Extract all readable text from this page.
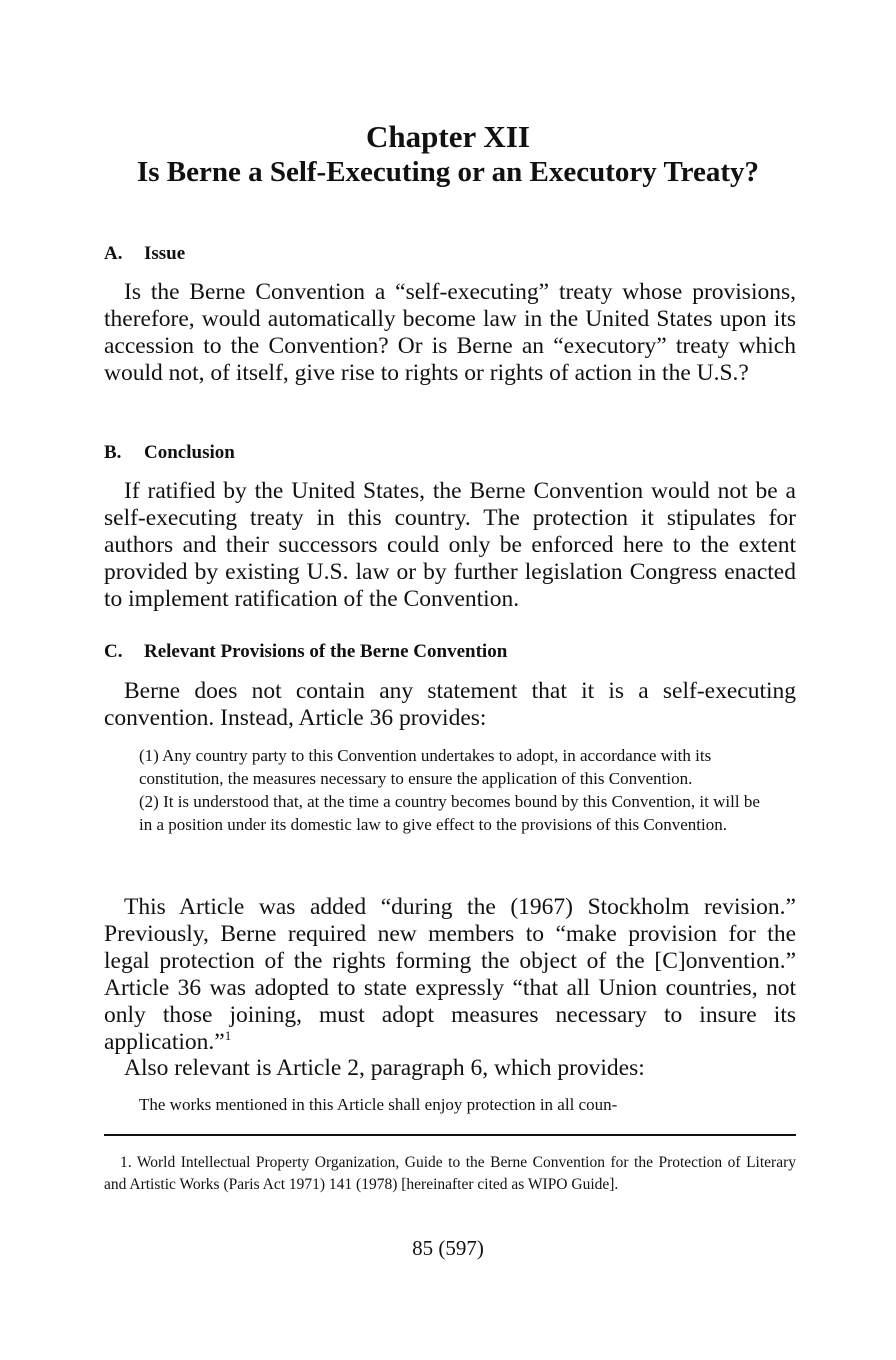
Chapter XII
Is Berne a Self-Executing or an Executory Treaty?
A. Issue

Is the Berne Convention a “self-executing” treaty whose provisions, therefore, would automatically become law in the United States upon its accession to the Convention? Or is Berne an “executory” treaty which would not, of itself, give rise to rights or rights of action in the U.S.?

B. Conclusion

If ratified by the United States, the Berne Convention would not be a self-executing treaty in this country. The protection it stipulates for authors and their successors could only be enforced here to the extent provided by existing U.S. law or by further legislation Congress enacted to implement ratification of the Convention.

C. Relevant Provisions of the Berne Convention

Berne does not contain any statement that it is a self-executing convention. Instead, Article 36 provides:

(1) Any country party to this Convention undertakes to adopt, in accordance with its constitution, the measures necessary to ensure the application of this Convention.

(2) It is understood that, at the time a country becomes bound by this Convention, it will be in a position under its domestic law to give effect to the provisions of this Convention.

This Article was added “during the (1967) Stockholm revision.” Previously, Berne required new members to “make provision for the legal protection of the rights forming the object of the [C]onvention.” Article 36 was adopted to state expressly “that all Union countries, not only those joining, must adopt measures necessary to insure its application.”$^1$

Also relevant is Article 2, paragraph 6, which provides:

The works mentioned in this Article shall enjoy protection in all coun-

1. World Intellectual Property Organization, Guide to the Berne Convention for the Protection of Literary and Artistic Works (Paris Act 1971) 141 (1978) [hereinafter cited as WIPO Guide].

85 (597)
